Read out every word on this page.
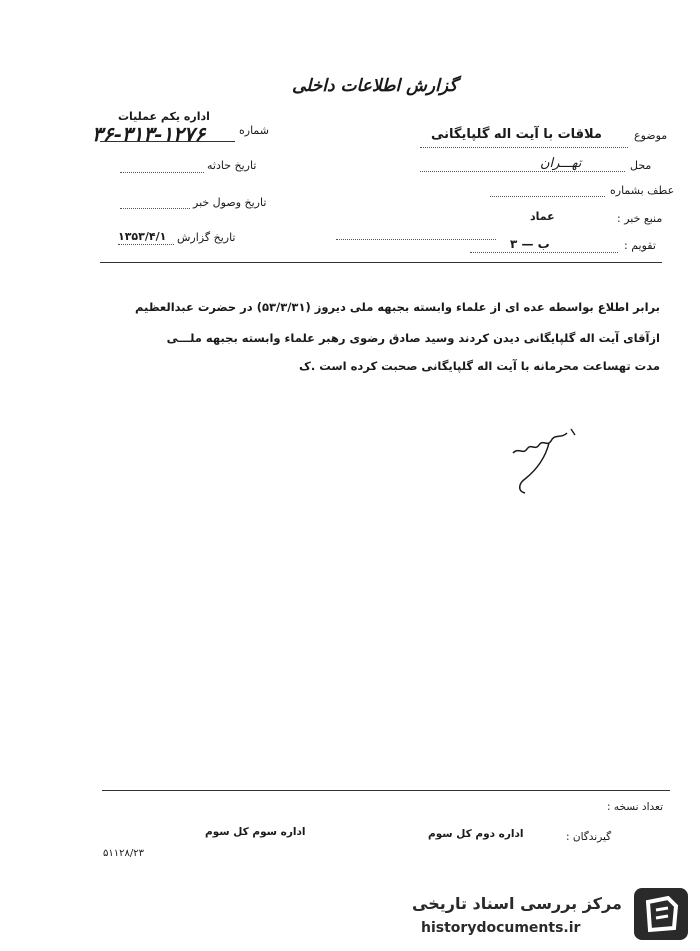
گزارش اطلاعات داخلی
اداره یکم عملیات
شماره
۳۶-۳۱۳-۱۲۷۶
تاریخ حادثه
تاریخ وصول خبر
تاریخ گزارش
۱۳۵۳/۴/۱
موضوع
ملاقات با آیت اله گلپایگانی
محل
تهـــران
عطف بشماره
منبع خبر :
عماد
تقویم :
ب — ۳
برابر اطلاع بواسطه عده ای از علماء وابسته بجبهه ملی دیروز (۵۳/۳/۳۱) در حضرت عبدالعظیم
ازآقای آیت اله گلپایگانی دیدن کردند وسید صادق رضوی رهبر علماء وابسته بجبهه ملـــی
مدت تهساعت محرمانه با آیت اله گلپایگانی صحبت کرده است .ک
تعداد نسخه :
گیرندگان :
اداره دوم کل سوم
اداره سوم کل سوم
۵۱۱۲۸/۲۳
مرکز بررسی اسناد تاریخی
historydocuments.ir
